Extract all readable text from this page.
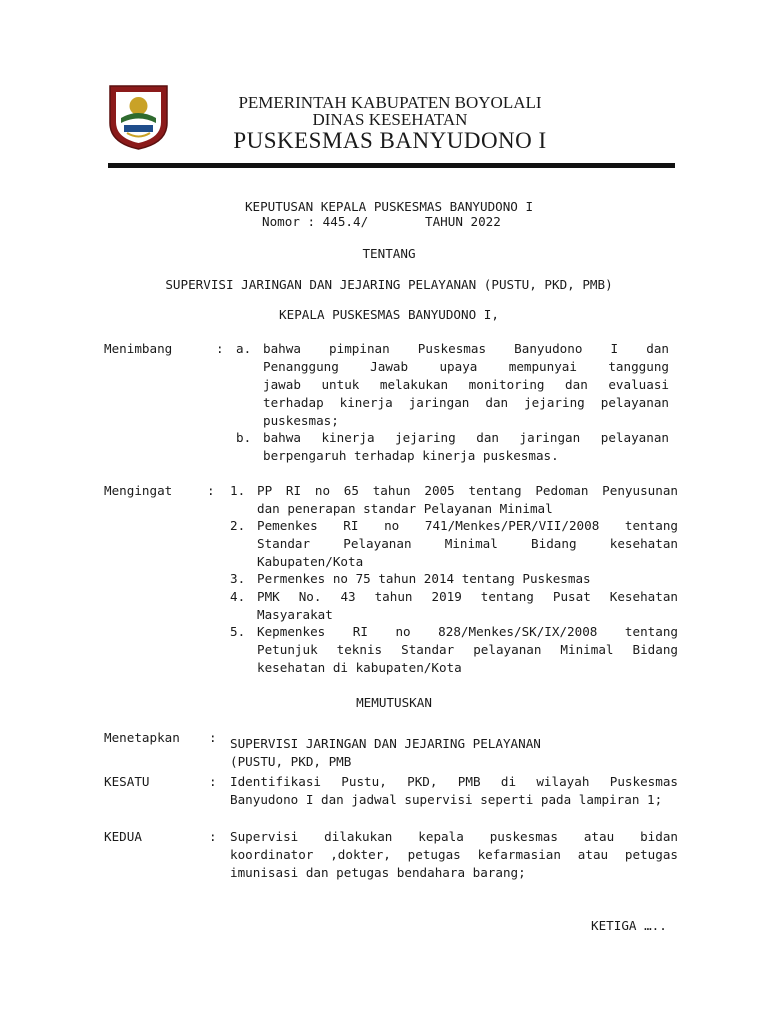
PEMERINTAH KABUPATEN BOYOLALI
DINAS KESEHATAN
PUSKESMAS BANYUDONO I
KEPUTUSAN KEPALA PUSKESMAS BANYUDONO I
Nomor : 445.4/	TAHUN 2022
TENTANG
SUPERVISI JARINGAN DAN JEJARING PELAYANAN (PUSTU, PKD, PMB)
KEPALA PUSKESMAS BANYUDONO I,
Menimbang	: a. bahwa pimpinan Puskesmas Banyudono I dan
Penanggung Jawab upaya mempunyai tanggung
jawab untuk melakukan monitoring dan evaluasi
terhadap kinerja jaringan dan jejaring pelayanan
puskesmas;
b. bahwa kinerja jejaring dan jaringan pelayanan
berpengaruh terhadap kinerja puskesmas.
Mengingat	: 1. PP RI no 65 tahun 2005 tentang Pedoman Penyusunan
dan penerapan standar Pelayanan Minimal
2. Pemenkes RI no 741/Menkes/PER/VII/2008 tentang
Standar Pelayanan Minimal Bidang kesehatan
Kabupaten/Kota
3. Permenkes no 75 tahun 2014 tentang Puskesmas
4. PMK No. 43 tahun 2019 tentang Pusat Kesehatan
Masyarakat
5. Kepmenkes RI no 828/Menkes/SK/IX/2008 tentang
Petunjuk teknis Standar pelayanan Minimal Bidang
kesehatan di kabupaten/Kota
MEMUTUSKAN
Menetapkan : SUPERVISI JARINGAN DAN JEJARING PELAYANAN
(PUSTU, PKD, PMB
KESATU	: Identifikasi Pustu, PKD, PMB di wilayah Puskesmas
Banyudono I dan jadwal supervisi seperti pada lampiran 1;
KEDUA	: Supervisi dilakukan kepala puskesmas atau bidan
koordinator ,dokter, petugas kefarmasian atau petugas
imunisasi dan petugas bendahara barang;
KETIGA …..
